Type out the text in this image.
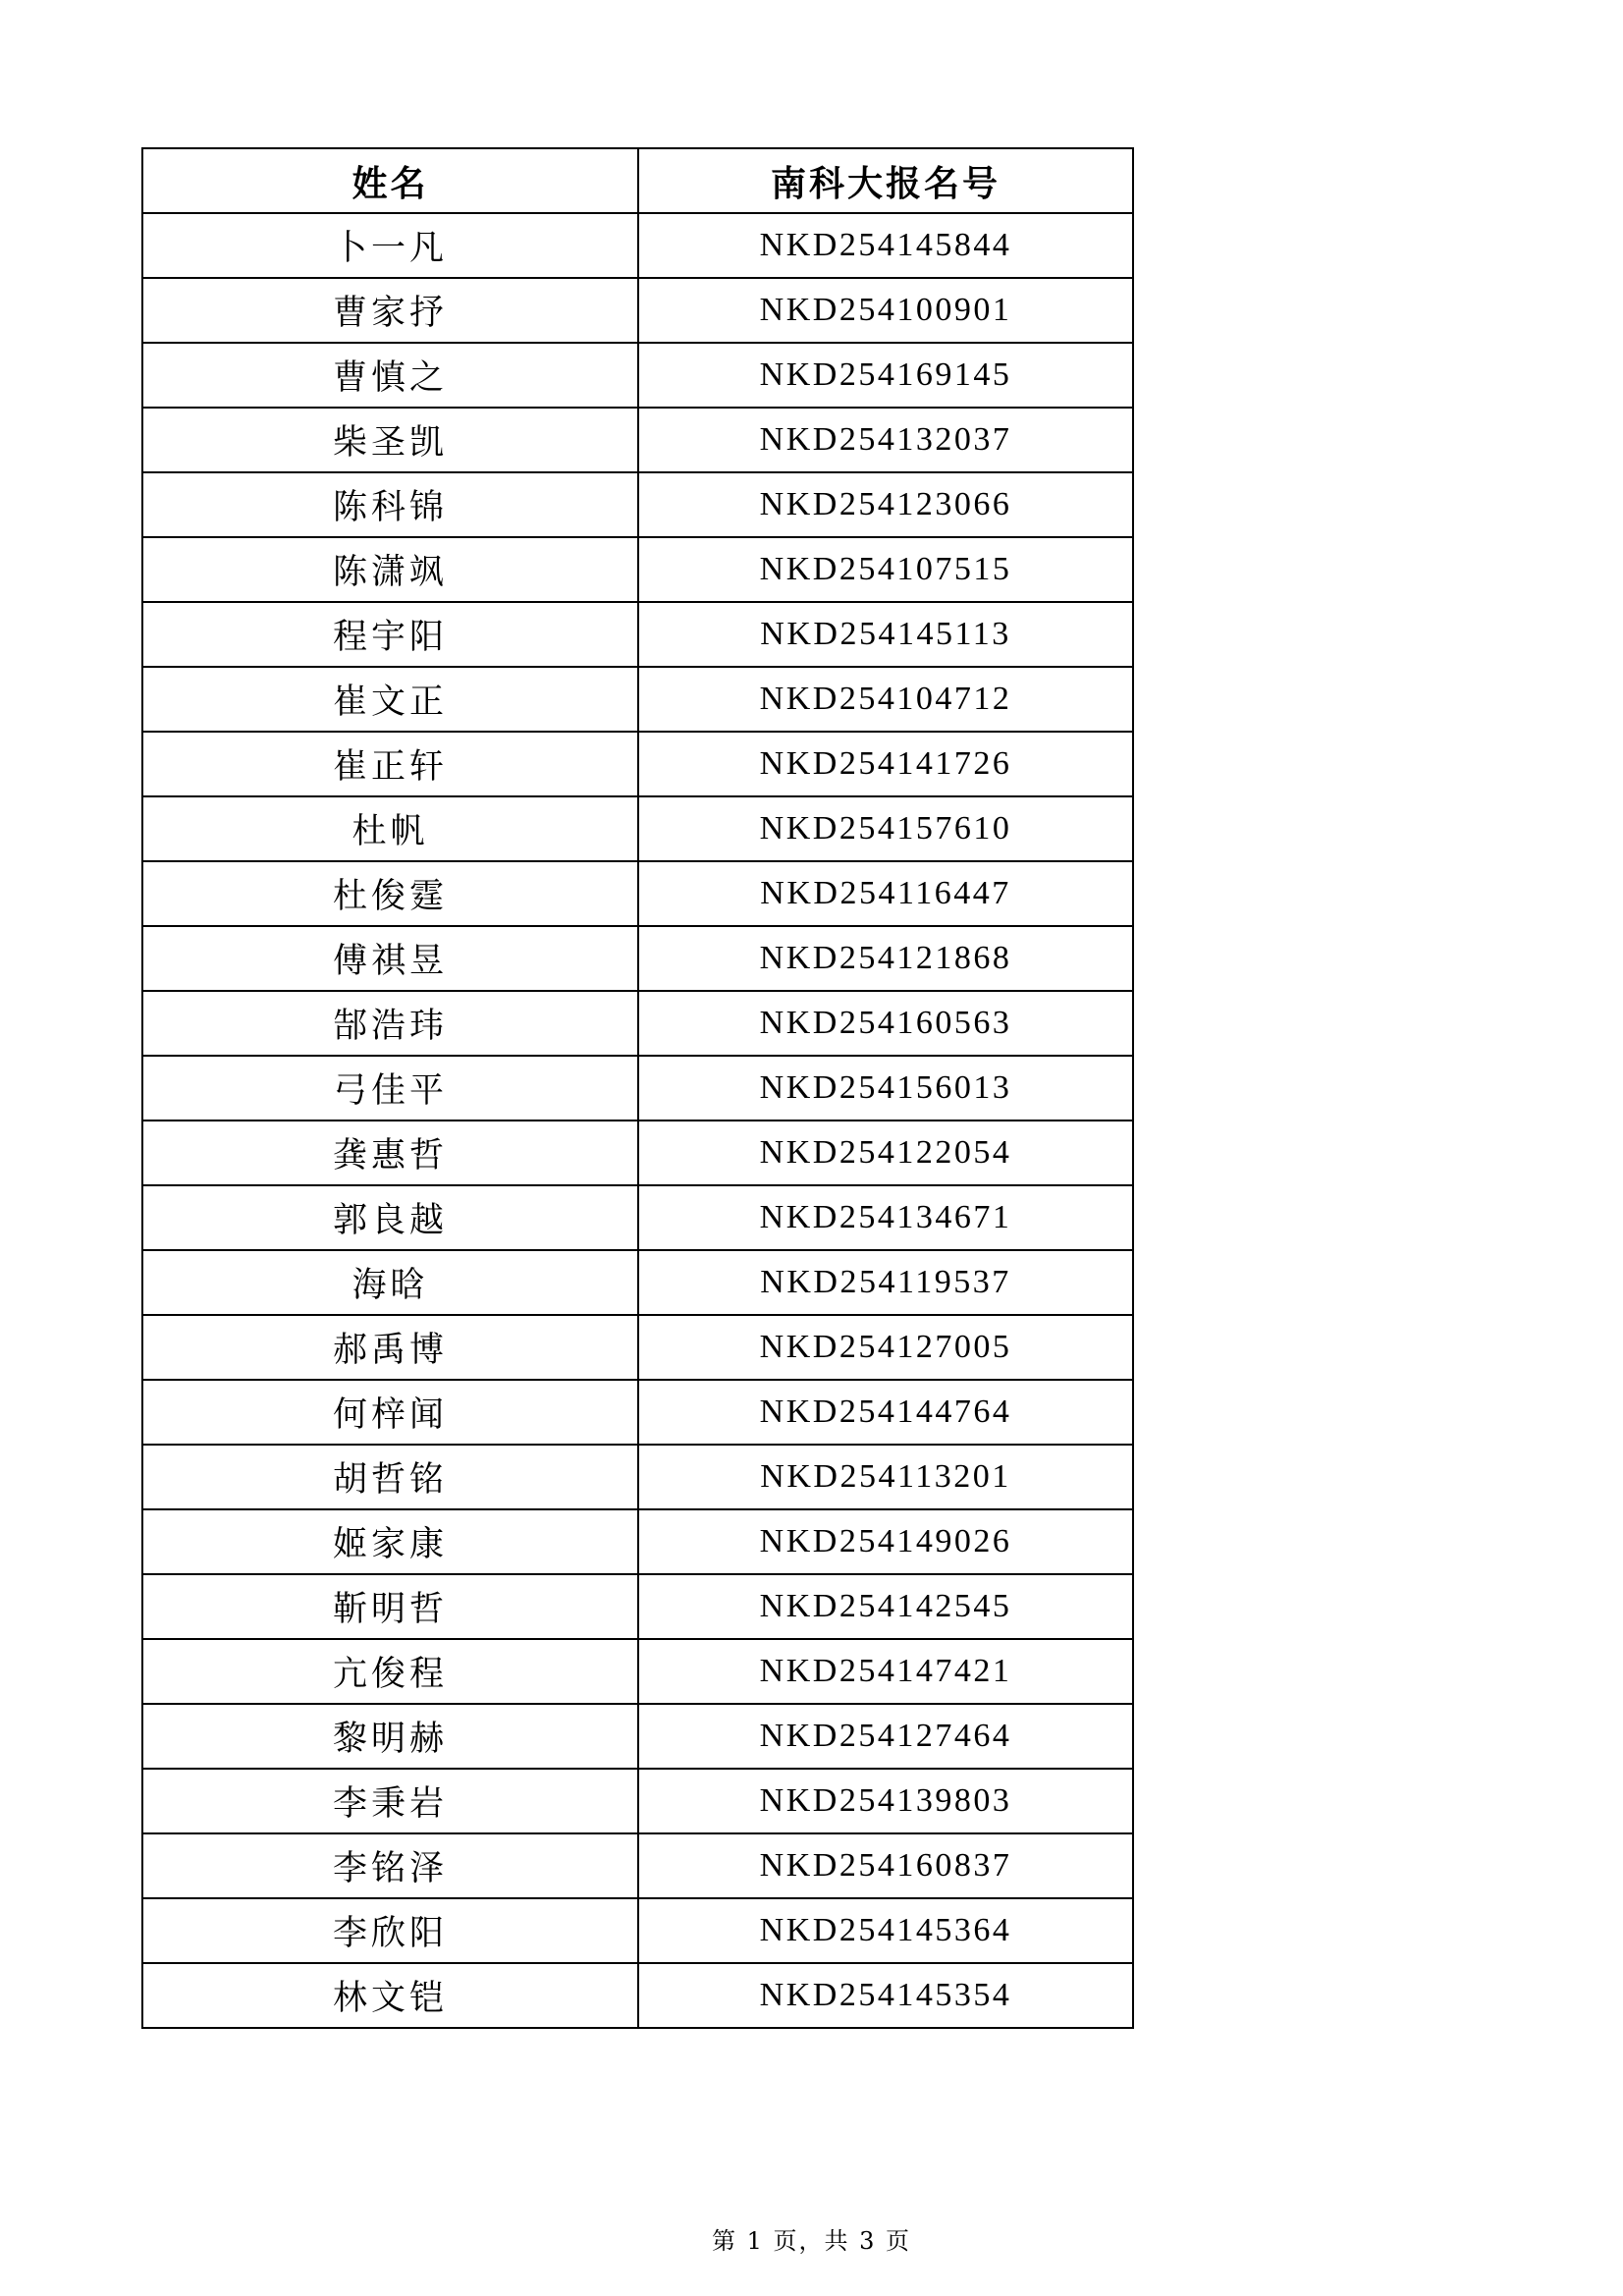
姓名	南科大报名号
卜一凡	NKD254145844
曹家抒	NKD254100901
曹慎之	NKD254169145
柴圣凯	NKD254132037
陈科锦	NKD254123066
陈潇飒	NKD254107515
程宇阳	NKD254145113
崔文正	NKD254104712
崔正轩	NKD254141726
杜帆	NKD254157610
杜俊霆	NKD254116447
傅祺昱	NKD254121868
郜浩玮	NKD254160563
弓佳平	NKD254156013
龚惠哲	NKD254122054
郭良越	NKD254134671
海晗	NKD254119537
郝禹博	NKD254127005
何梓闻	NKD254144764
胡哲铭	NKD254113201
姬家康	NKD254149026
靳明哲	NKD254142545
亢俊程	NKD254147421
黎明赫	NKD254127464
李秉岩	NKD254139803
李铭泽	NKD254160837
李欣阳	NKD254145364
林文铠	NKD254145354
第 1 页，共 3 页
